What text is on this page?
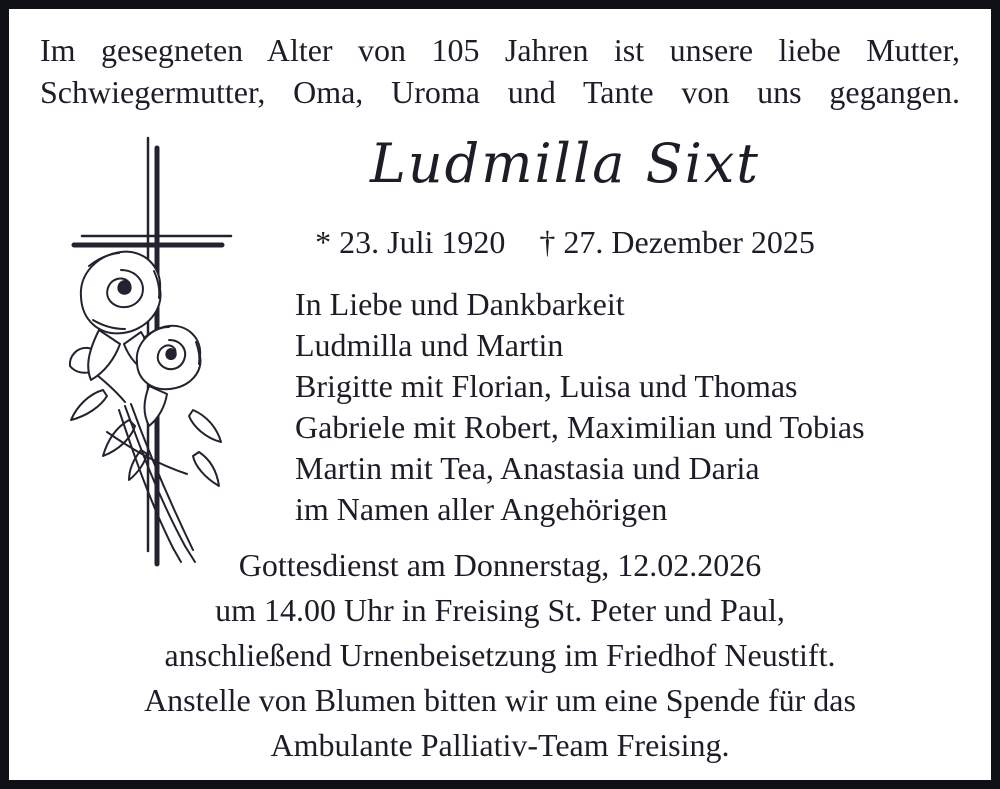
Im gesegneten Alter von 105 Jahren ist unsere liebe Mutter,
Schwiegermutter, Oma, Uroma und Tante von uns gegangen.
Ludmilla Sixt
* 23. Juli 1920 † 27. Dezember 2025
In Liebe und Dankbarkeit
Ludmilla und Martin
Brigitte mit Florian, Luisa und Thomas
Gabriele mit Robert, Maximilian und Tobias
Martin mit Tea, Anastasia und Daria
im Namen aller Angehörigen
Gottesdienst am Donnerstag, 12.02.2026
um 14.00 Uhr in Freising St. Peter und Paul,
anschließend Urnenbeisetzung im Friedhof Neustift.
Anstelle von Blumen bitten wir um eine Spende für das
Ambulante Palliativ-Team Freising.
